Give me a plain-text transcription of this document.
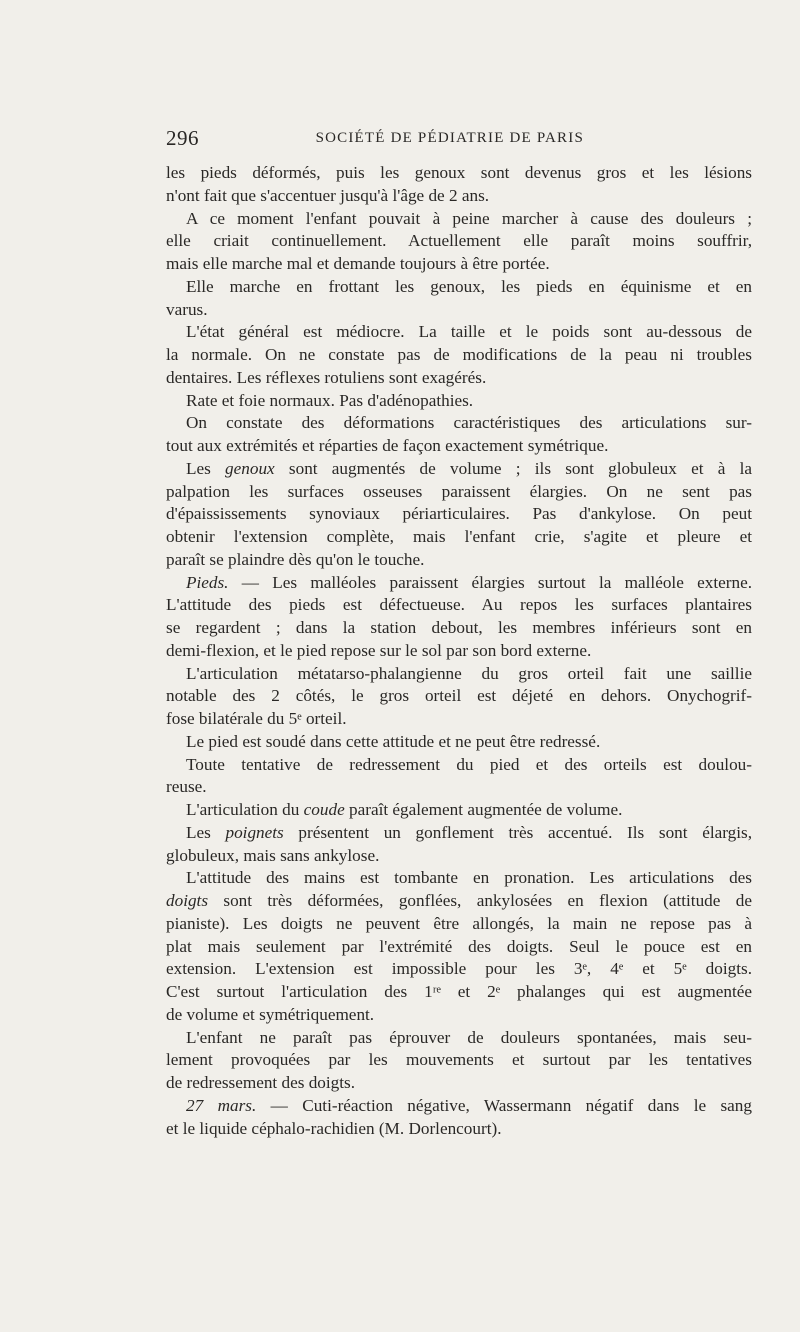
296	SOCIÉTÉ DE PÉDIATRIE DE PARIS
les pieds déformés, puis les genoux sont devenus gros et les lésions
n'ont fait que s'accentuer jusqu'à l'âge de 2 ans.
A ce moment l'enfant pouvait à peine marcher à cause des douleurs ;
elle criait continuellement. Actuellement elle paraît moins souffrir,
mais elle marche mal et demande toujours à être portée.
Elle marche en frottant les genoux, les pieds en équinisme et en
varus.
L'état général est médiocre. La taille et le poids sont au-dessous de
la normale. On ne constate pas de modifications de la peau ni troubles
dentaires. Les réflexes rotuliens sont exagérés.
Rate et foie normaux. Pas d'adénopathies.
On constate des déformations caractéristiques des articulations sur-
tout aux extrémités et réparties de façon exactement symétrique.
Les genoux sont augmentés de volume ; ils sont globuleux et à la
palpation les surfaces osseuses paraissent élargies. On ne sent pas
d'épaississements synoviaux périarticulaires. Pas d'ankylose. On peut
obtenir l'extension complète, mais l'enfant crie, s'agite et pleure et
paraît se plaindre dès qu'on le touche.
Pieds. — Les malléoles paraissent élargies surtout la malléole externe.
L'attitude des pieds est défectueuse. Au repos les surfaces plantaires
se regardent ; dans la station debout, les membres inférieurs sont en
demi-flexion, et le pied repose sur le sol par son bord externe.
L'articulation métatarso-phalangienne du gros orteil fait une saillie
notable des 2 côtés, le gros orteil est déjeté en dehors. Onychogrif-
fose bilatérale du 5ᵉ orteil.
Le pied est soudé dans cette attitude et ne peut être redressé.
Toute tentative de redressement du pied et des orteils est doulou-
reuse.
L'articulation du coude paraît également augmentée de volume.
Les poignets présentent un gonflement très accentué. Ils sont élargis,
globuleux, mais sans ankylose.
L'attitude des mains est tombante en pronation. Les articulations des
doigts sont très déformées, gonflées, ankylosées en flexion (attitude de
pianiste). Les doigts ne peuvent être allongés, la main ne repose pas à
plat mais seulement par l'extrémité des doigts. Seul le pouce est en
extension. L'extension est impossible pour les 3ᵉ, 4ᵉ et 5ᵉ doigts.
C'est surtout l'articulation des 1ʳᵉ et 2ᵉ phalanges qui est augmentée
de volume et symétriquement.
L'enfant ne paraît pas éprouver de douleurs spontanées, mais seu-
lement provoquées par les mouvements et surtout par les tentatives
de redressement des doigts.
27 mars. — Cuti-réaction négative, Wassermann négatif dans le sang
et le liquide céphalo-rachidien (M. Dorlencourt).
